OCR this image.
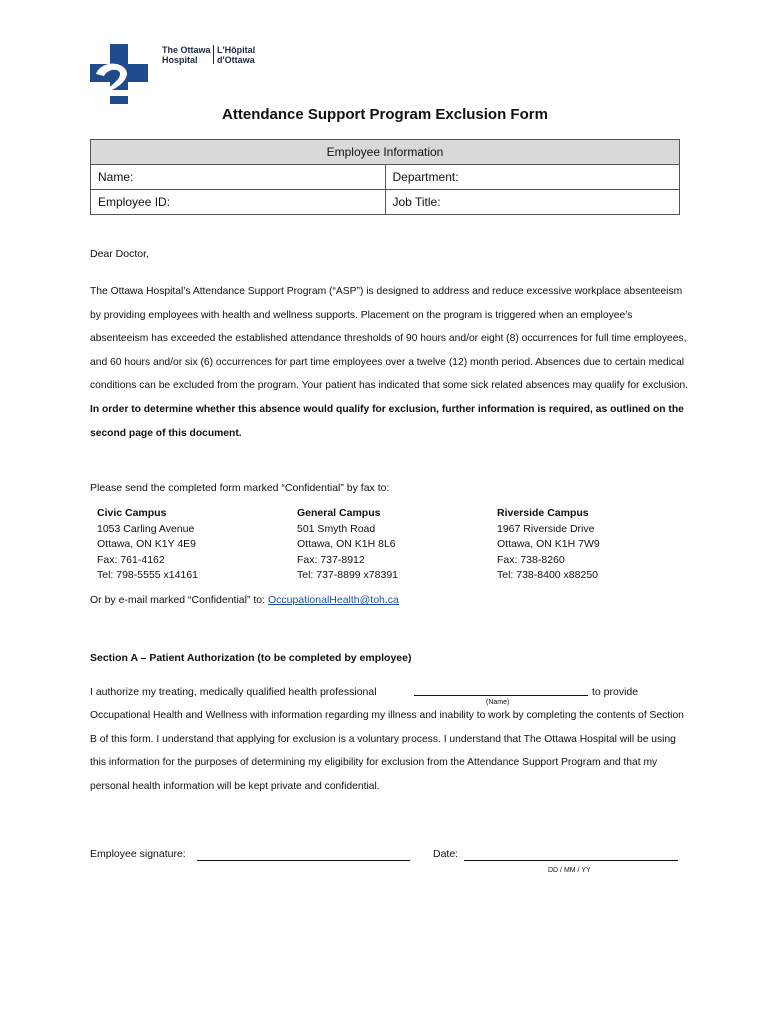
The Ottawa
Hospital
L'Hôpital
d'Ottawa
Attendance Support Program Exclusion Form
Employee Information	
Name:	Department:
Employee ID:	Job Title:
Dear Doctor,
The Ottawa Hospital’s Attendance Support Program (“ASP”) is designed to address and reduce excessive workplace absenteeism by providing employees with health and wellness supports. Placement on the program is triggered when an employee’s absenteeism has exceeded the established attendance thresholds of 90 hours and/or eight (8) occurrences for full time employees, and 60 hours and/or six (6) occurrences for part time employees over a twelve (12) month period. Absences due to certain medical conditions can be excluded from the program. Your patient has indicated that some sick related absences may qualify for exclusion. In order to determine whether this absence would qualify for exclusion, further information is required, as outlined on the second page of this document.
Please send the completed form marked “Confidential” by fax to:
Civic Campus
1053 Carling Avenue
Ottawa, ON K1Y 4E9
Fax: 761-4162
Tel: 798-5555 x14161
General Campus
501 Smyth Road
Ottawa, ON K1H 8L6
Fax: 737-8912
Tel: 737-8899 x78391
Riverside Campus
1967 Riverside Drive
Ottawa, ON K1H 7W9
Fax: 738-8260
Tel: 738-8400 x88250
Or by e-mail marked “Confidential” to: OccupationalHealth@toh.ca
Section A – Patient Authorization (to be completed by employee)
I authorize my treating, medically qualified health professional	to provide
(Name)
Occupational Health and Wellness with information regarding my illness and inability to work by completing the contents of Section B of this form. I understand that applying for exclusion is a voluntary process. I understand that The Ottawa Hospital will be using this information for the purposes of determining my eligibility for exclusion from the Attendance Support Program and that my personal health information will be kept private and confidential.
Employee signature:	Date:
DD / MM / YY
